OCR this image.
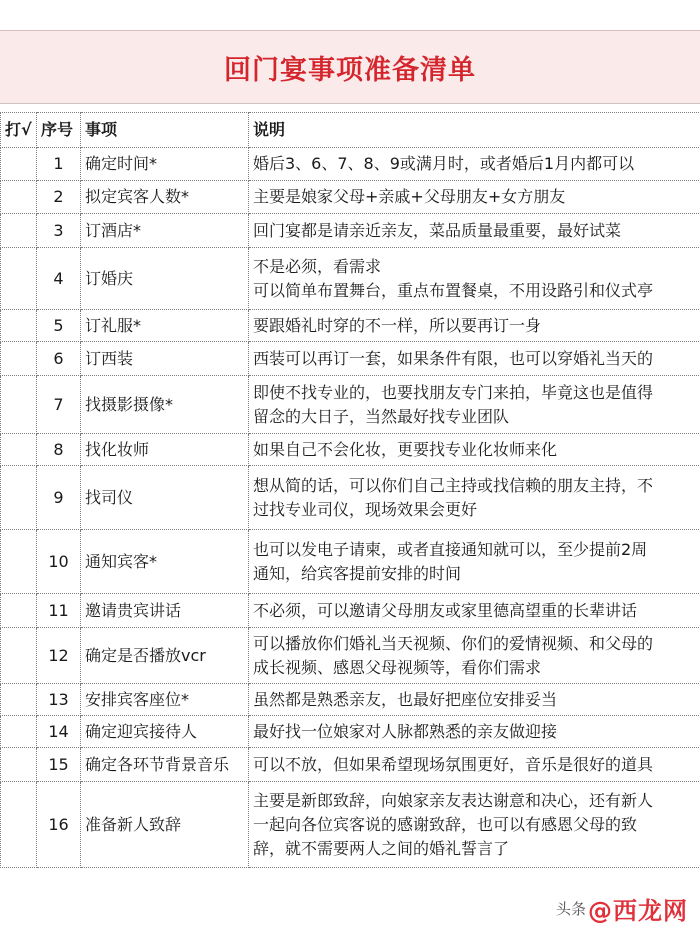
回门宴事项准备清单
打√	序号	事项	说明
	1	确定时间*	婚后3、6、7、8、9或满月时，或者婚后1月内都可以

	2	拟定宾客人数*	主要是娘家父母+亲戚+父母朋友+女方朋友

	3	订酒店*	回门宴都是请亲近亲友，菜品质量最重要，最好试菜

	4	订婚庆	不是必须，看需求
可以简单布置舞台，重点布置餐桌，不用设路引和仪式亭

	5	订礼服*	要跟婚礼时穿的不一样，所以要再订一身

	6	订西装	西装可以再订一套，如果条件有限，也可以穿婚礼当天的

	7	找摄影摄像*	即使不找专业的，也要找朋友专门来拍，毕竟这也是值得
留念的大日子，当然最好找专业团队

	8	找化妆师	如果自己不会化妆，更要找专业化妆师来化

	9	找司仪	想从简的话，可以你们自己主持或找信赖的朋友主持，不
过找专业司仪，现场效果会更好

	10	通知宾客*	也可以发电子请柬，或者直接通知就可以，至少提前2周
通知，给宾客提前安排的时间

	11	邀请贵宾讲话	不必须，可以邀请父母朋友或家里德高望重的长辈讲话

	12	确定是否播放vcr	可以播放你们婚礼当天视频、你们的爱情视频、和父母的
成长视频、感恩父母视频等，看你们需求

	13	安排宾客座位*	虽然都是熟悉亲友，也最好把座位安排妥当

	14	确定迎宾接待人	最好找一位娘家对人脉都熟悉的亲友做迎接

	15	确定各环节背景音乐	可以不放，但如果希望现场氛围更好，音乐是很好的道具

	16	准备新人致辞	主要是新郎致辞，向娘家亲友表达谢意和决心，还有新人
一起向各位宾客说的感谢致辞，也可以有感恩父母的致
辞，就不需要两人之间的婚礼誓言了
头条 @西龙网
